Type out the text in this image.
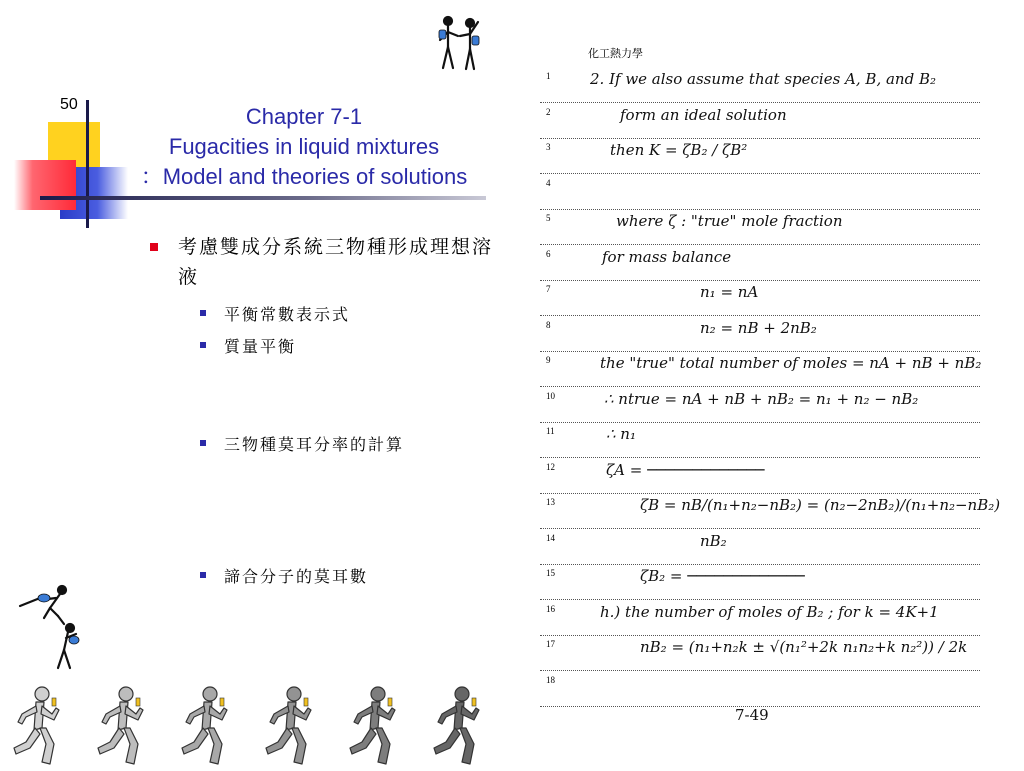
50	Chapter 7-1
Fugacities in liquid mixtures
：Model and theories of solutions
考慮雙成分系統三物種形成理想溶液
平衡常數表示式
質量平衡
三物種莫耳分率的計算
諦合分子的莫耳數
化工熱力學
1	2. If we also assume that species A, B, and B₂
2	form an ideal solution
3	then K = ζB₂ / ζB²
4
5	where ζ : "true" mole fraction
6	for mass balance
7	n₁ = nA
8	n₂ = nB + 2nB₂
9	the "true" total number of moles = nA + nB + nB₂
10	∴ ntrue = nA + nB + nB₂ = n₁ + n₂ − nB₂
11	∴ n₁
12	ζA = ─────────────
13	ζB = nB/(n₁+n₂−nB₂) = (n₂−2nB₂)/(n₁+n₂−nB₂)
14	nB₂
15	ζB₂ = ─────────────
16	h.) the number of moles of B₂ ; for k = 4K+1
17	nB₂ = (n₁+n₂k ± √(n₁²+2k n₁n₂+k n₂²)) / 2k
18
7-49
